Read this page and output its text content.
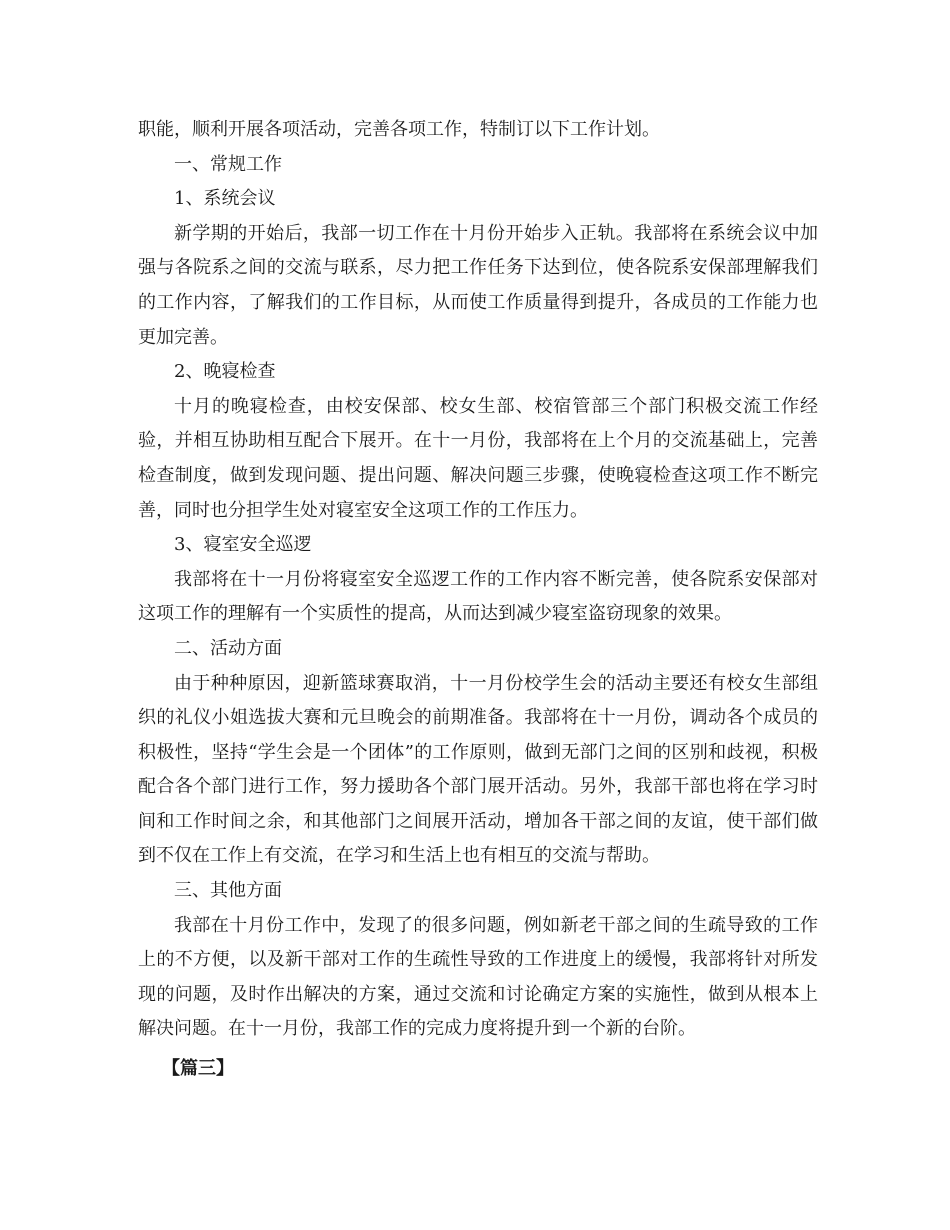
职能，顺利开展各项活动，完善各项工作，特制订以下工作计划。

一、常规工作

1、系统会议

新学期的开始后，我部一切工作在十月份开始步入正轨。我部将在系统会议中加强与各院系之间的交流与联系，尽力把工作任务下达到位，使各院系安保部理解我们的工作内容，了解我们的工作目标，从而使工作质量得到提升，各成员的工作能力也更加完善。

2、晚寝检查

十月的晚寝检查，由校安保部、校女生部、校宿管部三个部门积极交流工作经验，并相互协助相互配合下展开。在十一月份，我部将在上个月的交流基础上，完善检查制度，做到发现问题、提出问题、解决问题三步骤，使晚寝检查这项工作不断完善，同时也分担学生处对寝室安全这项工作的工作压力。

3、寝室安全巡逻

我部将在十一月份将寝室安全巡逻工作的工作内容不断完善，使各院系安保部对这项工作的理解有一个实质性的提高，从而达到减少寝室盗窃现象的效果。

二、活动方面

由于种种原因，迎新篮球赛取消，十一月份校学生会的活动主要还有校女生部组织的礼仪小姐选拔大赛和元旦晚会的前期准备。我部将在十一月份，调动各个成员的积极性，坚持“学生会是一个团体”的工作原则，做到无部门之间的区别和歧视，积极配合各个部门进行工作，努力援助各个部门展开活动。另外，我部干部也将在学习时间和工作时间之余，和其他部门之间展开活动，增加各干部之间的友谊，使干部们做到不仅在工作上有交流，在学习和生活上也有相互的交流与帮助。

三、其他方面

我部在十月份工作中，发现了的很多问题，例如新老干部之间的生疏导致的工作上的不方便，以及新干部对工作的生疏性导致的工作进度上的缓慢，我部将针对所发现的问题，及时作出解决的方案，通过交流和讨论确定方案的实施性，做到从根本上解决问题。在十一月份，我部工作的完成力度将提升到一个新的台阶。

【篇三】
